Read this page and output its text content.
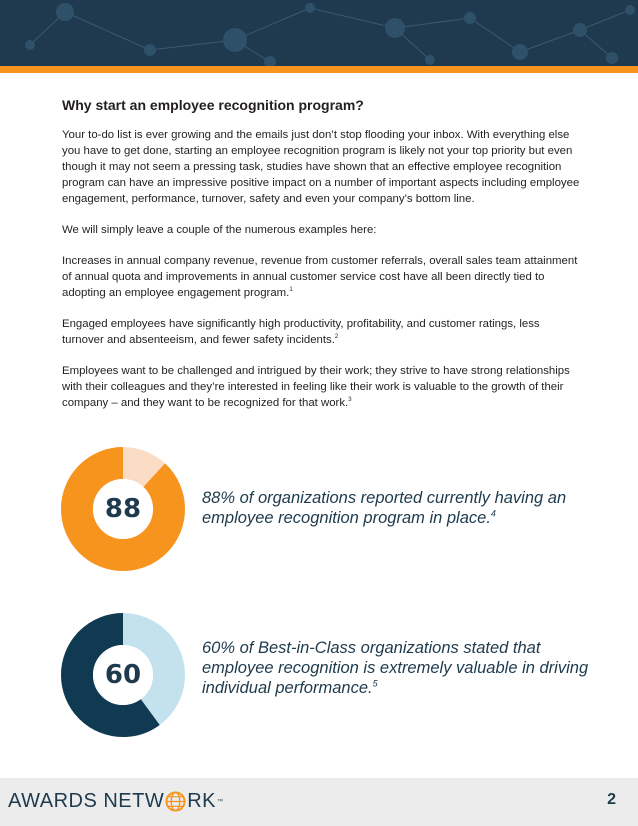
Why start an employee recognition program?

Your to-do list is ever growing and the emails just don’t stop flooding your inbox. With everything else you have to get done, starting an employee recognition program is likely not your top priority but even though it may not seem a pressing task, studies have shown that an effective employee recognition program can have an impressive positive impact on a number of important aspects including employee engagement, performance, turnover, safety and even your company’s bottom line.

We will simply leave a couple of the numerous examples here:

Increases in annual company revenue, revenue from customer referrals, overall sales team attainment of annual quota and improvements in annual customer service cost have all been directly tied to adopting an employee engagement program.$^1$

Engaged employees have significantly high productivity, profitability, and customer ratings, less turnover and absenteeism, and fewer safety incidents.$^2$

Employees want to be challenged and intrigued by their work; they strive to have strong relationships with their colleagues and they’re interested in feeling like their work is valuable to the growth of their company – and they want to be recognized for that work.$^3$

88	88% of organizations reported currently having an employee recognition program in place.$^4$
60
60% of Best-in-Class organizations stated that employee recognition is extremely valuable in driving individual performance.$^5$
AWARDS NETW RK ™	2
